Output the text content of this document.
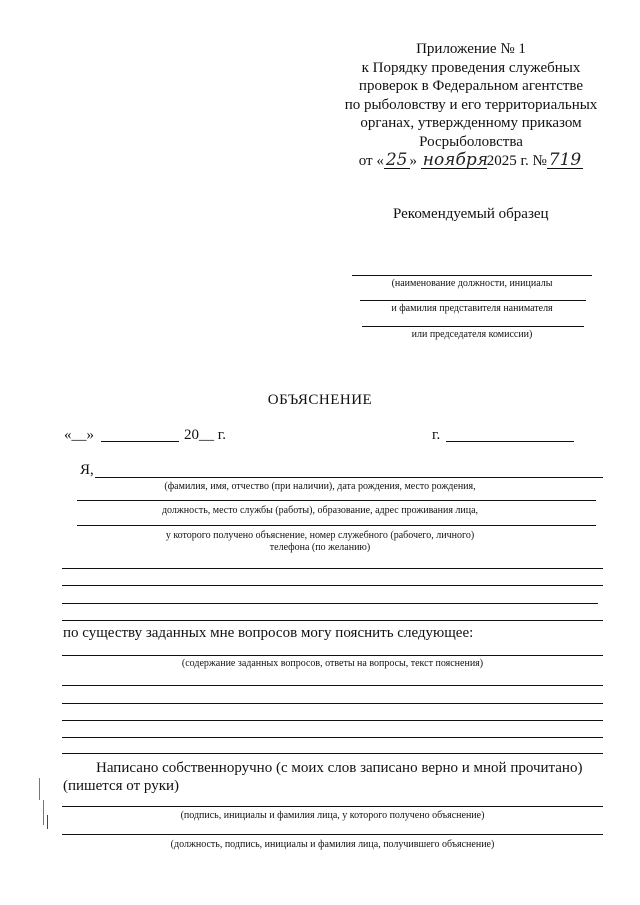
Приложение № 1
к Порядку проведения служебных
проверок в Федеральном агентстве
по рыболовству и его территориальных
органах, утвержденному приказом
Росрыболовства
от « 25 » ноября2025 г. № 719
Рекомендуемый образец
(наименование должности, инициалы
и фамилия представителя нанимателя
или председателя комиссии)
ОБЪЯСНЕНИЕ
«__»	20__ г.	г.
Я,
(фамилия, имя, отчество (при наличии), дата рождения, место рождения,
должность, место службы (работы), образование, адрес проживания лица,
у которого получено объяснение, номер служебного (рабочего, личного)
телефона (по желанию)
по существу заданных мне вопросов могу пояснить следующее:
(содержание заданных вопросов, ответы на вопросы, текст пояснения)
Написано собственноручно (с моих слов записано верно и мной прочитано)
(пишется от руки)
(подпись, инициалы и фамилия лица, у которого получено объяснение)
(должность, подпись, инициалы и фамилия лица, получившего объяснение)
